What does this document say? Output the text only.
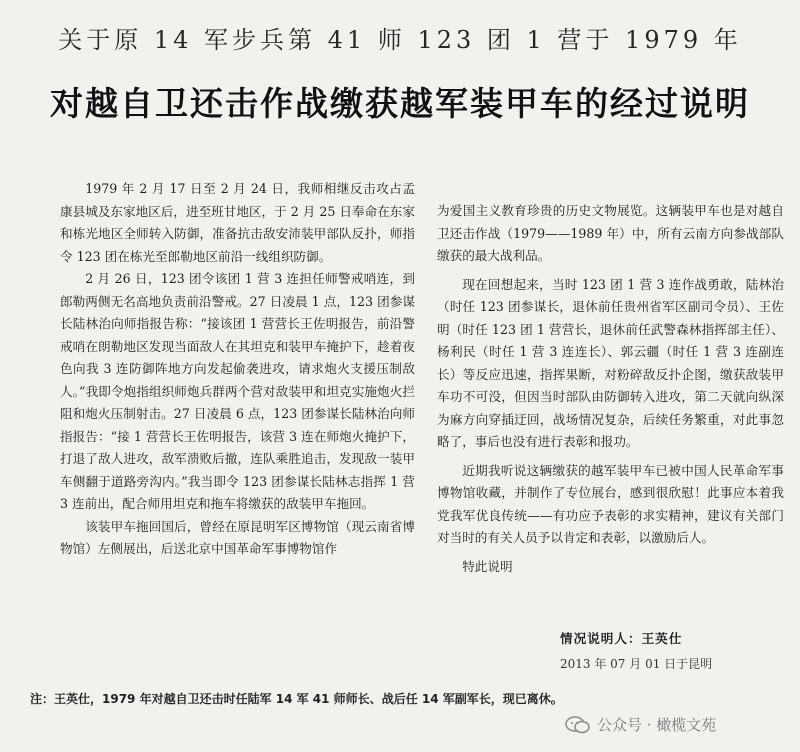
关于原 14 军步兵第 41 师 123 团 1 营于 1979 年
对越自卫还击作战缴获越军装甲车的经过说明

1979 年 2 月 17 日至 2 月 24 日，我师相继反击攻占孟康县城及东家地区后，进至班甘地区，于 2 月 25 日奉命在东家和栋光地区全师转入防御，准备抗击敌安沛装甲部队反扑，师指令 123 团在栋光至郎勒地区前沿一线组织防御。

2 月 26 日，123 团令该团 1 营 3 连担任师警戒哨连，到郎勒两侧无名高地负责前沿警戒。27 日凌晨 1 点，123 团参谋长陆林治向师指报告称：“接该团 1 营营长王佐明报告，前沿警戒哨在朗勒地区发现当面敌人在其坦克和装甲车掩护下，趁着夜色向我 3 连防御阵地方向发起偷袭进攻，请求炮火支援压制敌人。”我即令炮指组织师炮兵群两个营对敌装甲和坦克实施炮火拦阻和炮火压制射击。27 日凌晨 6 点，123 团参谋长陆林治向师指报告：“接 1 营营长王佐明报告，该营 3 连在师炮火掩护下，打退了敌人进攻，敌军溃败后撤，连队乘胜追击，发现敌一装甲车侧翻于道路旁沟内。”我当即令 123 团参谋长陆林志指挥 1 营 3 连前出，配合师用坦克和拖车将缴获的敌装甲车拖回。

该装甲车拖回国后，曾经在原昆明军区博物馆（现云南省博物馆）左侧展出，后送北京中国革命军事博物馆作

为爱国主义教育珍贵的历史文物展览。这辆装甲车也是对越自卫还击作战（1979——1989 年）中，所有云南方向参战部队缴获的最大战利品。

现在回想起来，当时 123 团 1 营 3 连作战勇敢，陆林治（时任 123 团参谋长，退休前任贵州省军区副司令员）、王佐明（时任 123 团 1 营营长，退休前任武警森林指挥部主任）、杨利民（时任 1 营 3 连连长）、郭云疆（时任 1 营 3 连副连长）等反应迅速，指挥果断，对粉碎敌反扑企图，缴获敌装甲车功不可没，但因当时部队由防御转入进攻，第二天就向纵深为麻方向穿插迂回，战场情况复杂，后续任务繁重，对此事忽略了，事后也没有进行表彰和报功。

近期我听说这辆缴获的越军装甲车已被中国人民革命军事博物馆收藏，并制作了专位展台，感到很欣慰！此事应本着我党我军优良传统——有功应予表彰的求实精神，建议有关部门对当时的有关人员予以肯定和表彰，以激励后人。

特此说明

情况说明人：王英仕
2013 年 07 月 01 日于昆明
注：王英仕，1979 年对越自卫还击时任陆军 14 军 41 师师长、战后任 14 军副军长，现已离休。
公众号 · 橄榄文苑
